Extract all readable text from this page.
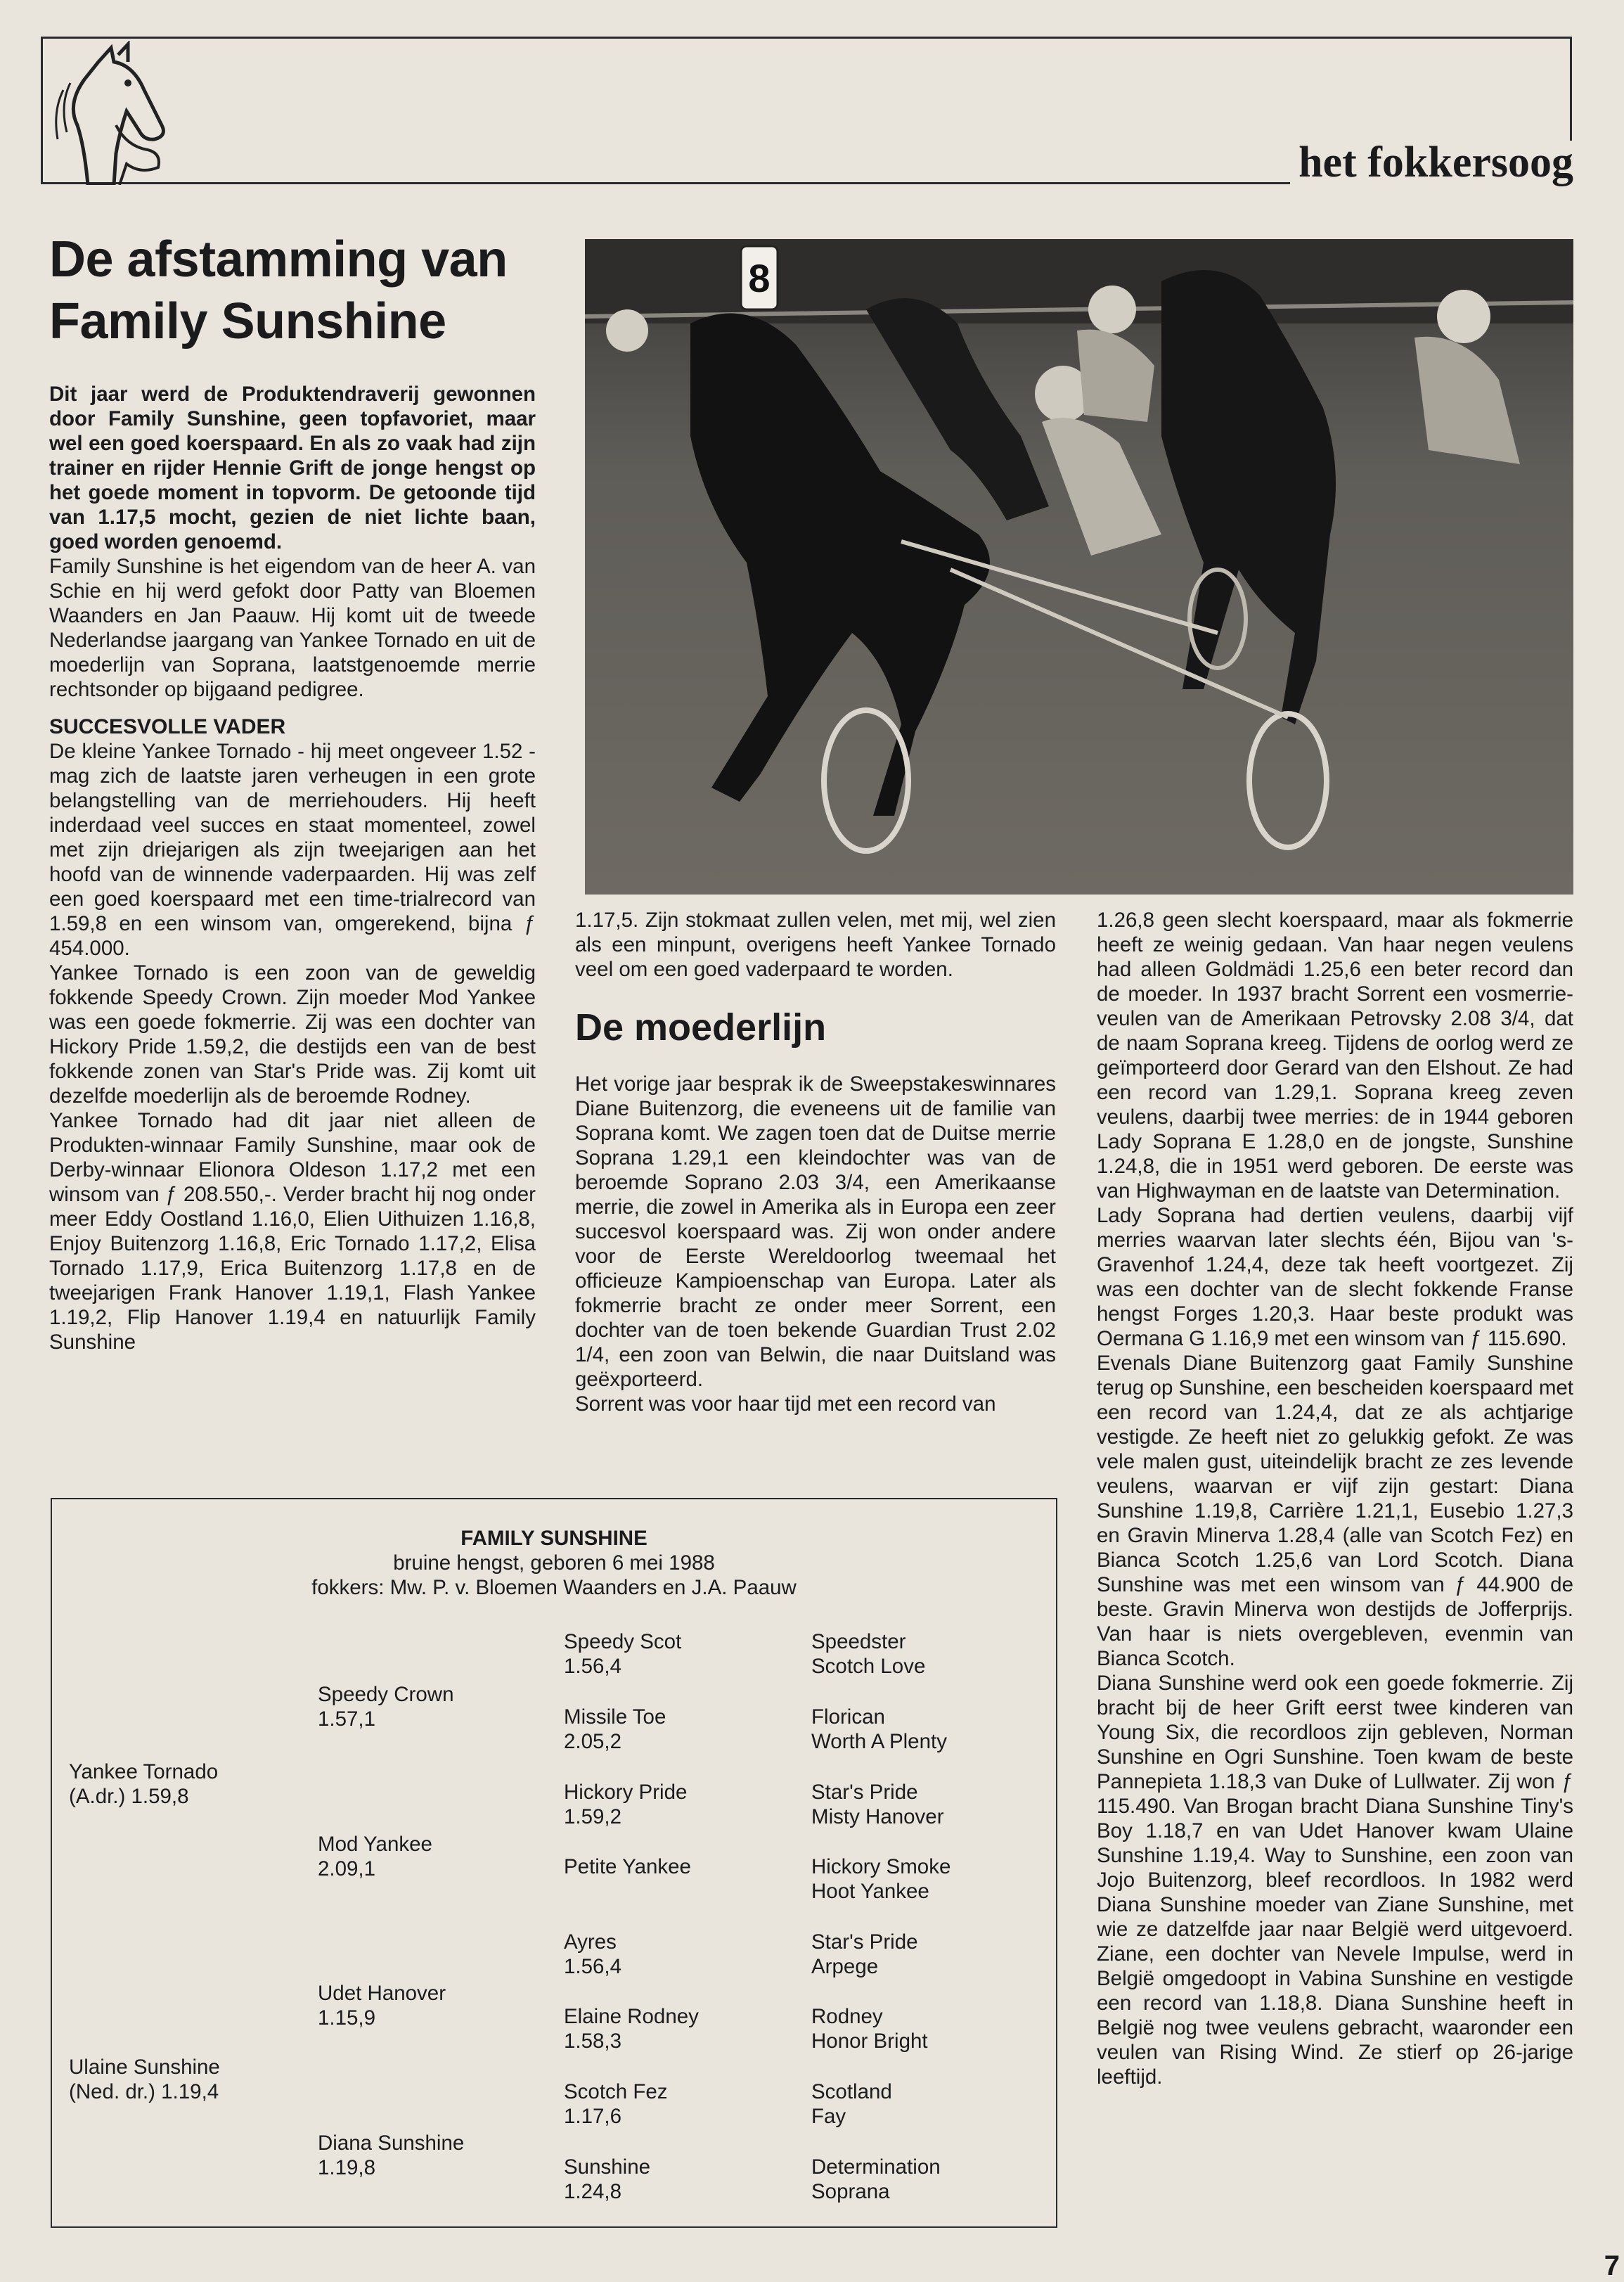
het fokkersoog
De afstamming van Family Sunshine

Dit jaar werd de Produktendraverij gewonnen door Family Sunshine, geen topfavoriet, maar wel een goed koerspaard. En als zo vaak had zijn trainer en rijder Hennie Grift de jonge hengst op het goede moment in topvorm. De getoonde tijd van 1.17,5 mocht, gezien de niet lichte baan, goed worden genoemd.

Family Sunshine is het eigendom van de heer A. van Schie en hij werd gefokt door Patty van Bloemen Waanders en Jan Paauw. Hij komt uit de tweede Nederlandse jaargang van Yankee Tornado en uit de moederlijn van Soprana, laatstgenoemde merrie rechtsonder op bijgaand pedigree.

SUCCESVOLLE VADER

De kleine Yankee Tornado - hij meet ongeveer 1.52 - mag zich de laatste jaren verheugen in een grote belangstelling van de merriehouders. Hij heeft inderdaad veel succes en staat momenteel, zowel met zijn driejarigen als zijn tweejarigen aan het hoofd van de winnende vaderpaarden. Hij was zelf een goed koerspaard met een time-trialrecord van 1.59,8 en een winsom van, omgerekend, bijna ƒ 454.000.

Yankee Tornado is een zoon van de geweldig fokkende Speedy Crown. Zijn moeder Mod Yankee was een goede fokmerrie. Zij was een dochter van Hickory Pride 1.59,2, die destijds een van de best fokkende zonen van Star's Pride was. Zij komt uit dezelfde moederlijn als de beroemde Rodney.

Yankee Tornado had dit jaar niet alleen de Produkten-winnaar Family Sunshine, maar ook de Derby-winnaar Elionora Oldeson 1.17,2 met een winsom van ƒ 208.550,-. Verder bracht hij nog onder meer Eddy Oostland 1.16,0, Elien Uithuizen 1.16,8, Enjoy Buitenzorg 1.16,8, Eric Tornado 1.17,2, Elisa Tornado 1.17,9, Erica Buitenzorg 1.17,8 en de tweejarigen Frank Hanover 1.19,1, Flash Yankee 1.19,2, Flip Hanover 1.19,4 en natuurlijk Family Sunshine

8

1.17,5. Zijn stokmaat zullen velen, met mij, wel zien als een minpunt, overigens heeft Yankee Tornado veel om een goed vaderpaard te worden.

De moederlijn

Het vorige jaar besprak ik de Sweepstakeswinnares Diane Buitenzorg, die eveneens uit de familie van Soprana komt. We zagen toen dat de Duitse merrie Soprana 1.29,1 een kleindochter was van de beroemde Soprano 2.03 3/4, een Amerikaanse merrie, die zowel in Amerika als in Europa een zeer succesvol koerspaard was. Zij won onder andere voor de Eerste Wereldoorlog tweemaal het officieuze Kampioenschap van Europa. Later als fokmerrie bracht ze onder meer Sorrent, een dochter van de toen bekende Guardian Trust 2.02 1/4, een zoon van Belwin, die naar Duitsland was geëxporteerd.

Sorrent was voor haar tijd met een record van

1.26,8 geen slecht koerspaard, maar als fokmerrie heeft ze weinig gedaan. Van haar negen veulens had alleen Goldmädi 1.25,6 een beter record dan de moeder. In 1937 bracht Sorrent een vosmerrie-veulen van de Amerikaan Petrovsky 2.08 3/4, dat de naam Soprana kreeg. Tijdens de oorlog werd ze geïmporteerd door Gerard van den Elshout. Ze had een record van 1.29,1. Soprana kreeg zeven veulens, daarbij twee merries: de in 1944 geboren Lady Soprana E 1.28,0 en de jongste, Sunshine 1.24,8, die in 1951 werd geboren. De eerste was van Highwayman en de laatste van Determination.

Lady Soprana had dertien veulens, daarbij vijf merries waarvan later slechts één, Bijou van 's-Gravenhof 1.24,4, deze tak heeft voortgezet. Zij was een dochter van de slecht fokkende Franse hengst Forges 1.20,3. Haar beste produkt was Oermana G 1.16,9 met een winsom van ƒ 115.690.

Evenals Diane Buitenzorg gaat Family Sunshine terug op Sunshine, een bescheiden koerspaard met een record van 1.24,4, dat ze als achtjarige vestigde. Ze heeft niet zo gelukkig gefokt. Ze was vele malen gust, uiteindelijk bracht ze zes levende veulens, waarvan er vijf zijn gestart: Diana Sunshine 1.19,8, Carrière 1.21,1, Eusebio 1.27,3 en Gravin Minerva 1.28,4 (alle van Scotch Fez) en Bianca Scotch 1.25,6 van Lord Scotch. Diana Sunshine was met een winsom van ƒ 44.900 de beste. Gravin Minerva won destijds de Jofferprijs. Van haar is niets overgebleven, evenmin van Bianca Scotch.

Diana Sunshine werd ook een goede fokmerrie. Zij bracht bij de heer Grift eerst twee kinderen van Young Six, die recordloos zijn gebleven, Norman Sunshine en Ogri Sunshine. Toen kwam de beste Pannepieta 1.18,3 van Duke of Lullwater. Zij won ƒ 115.490. Van Brogan bracht Diana Sunshine Tiny's Boy 1.18,7 en van Udet Hanover kwam Ulaine Sunshine 1.19,4. Way to Sunshine, een zoon van Jojo Buitenzorg, bleef recordloos. In 1982 werd Diana Sunshine moeder van Ziane Sunshine, met wie ze datzelfde jaar naar België werd uitgevoerd. Ziane, een dochter van Nevele Impulse, werd in België omgedoopt in Vabina Sunshine en vestigde een record van 1.18,8. Diana Sunshine heeft in België nog twee veulens gebracht, waaronder een veulen van Rising Wind. Ze stierf op 26-jarige leeftijd.

FAMILY SUNSHINE
bruine hengst, geboren 6 mei 1988
fokkers: Mw. P. v. Bloemen Waanders en J.A. Paauw
Yankee Tornado
(A.dr.) 1.59,8
Ulaine Sunshine
(Ned. dr.) 1.19,4
Speedy Crown
1.57,1
Mod Yankee
2.09,1
Udet Hanover
1.15,9
Diana Sunshine
1.19,8
Speedy Scot
1.56,4
Missile Toe
2.05,2
Hickory Pride
1.59,2
Petite Yankee
Ayres
1.56,4
Elaine Rodney
1.58,3
Scotch Fez
1.17,6
Sunshine
1.24,8
Speedster
Scotch Love
Florican
Worth A Plenty
Star's Pride
Misty Hanover
Hickory Smoke
Hoot Yankee
Star's Pride
Arpege
Rodney
Honor Bright
Scotland
Fay
Determination
Soprana
7
